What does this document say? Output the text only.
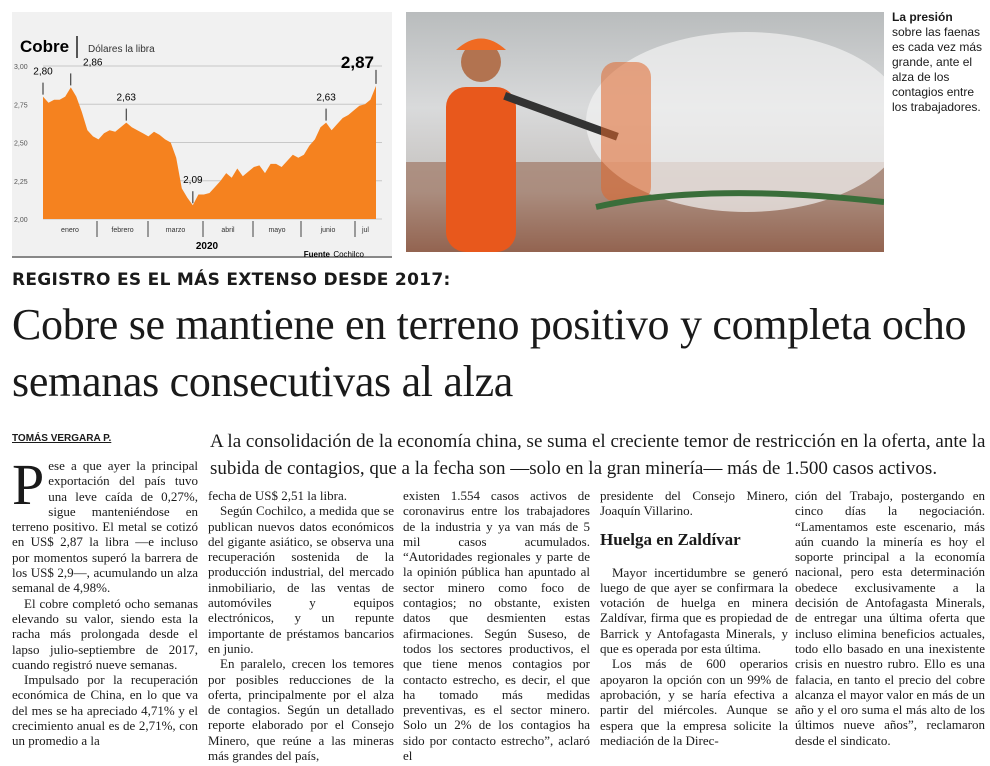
Cobre Dólares la libra
2,00
2,25
2,50
2,75
3,00 2,80
2,86
2,63
2,09
2,63
2,87
enero	febrero	marzo	abril	mayo	junio	jul
2020
Fuente Cochilco
La presión
sobre las faenas es cada vez más grande, ante el alza de los contagios entre los trabajadores.
REGISTRO ES EL MÁS EXTENSO DESDE 2017:
Cobre se mantiene en terreno positivo y completa ocho semanas consecutivas al alza
TOMÁS VERGARA P.	A la consolidación de la economía china, se suma el creciente temor de restricción en la oferta, ante la subida de contagios, que a la fecha son —solo en la gran minería— más de 1.500 casos activos.

Pese a que ayer la principal exportación del país tuvo una leve caída de 0,27%, sigue manteniéndose en terreno positivo. El metal se cotizó en US$ 2,87 la libra —e incluso por momentos superó la barrera de los US$ 2,9—, acumulando un alza semanal de 4,98%.

El cobre completó ocho semanas elevando su valor, siendo esta la racha más prolongada desde el lapso julio-septiembre de 2017, cuando registró nueve semanas.

Impulsado por la recuperación económica de China, en lo que va del mes se ha apreciado 4,71% y el crecimiento anual es de 2,71%, con un promedio a la

fecha de US$ 2,51 la libra.

Según Cochilco, a medida que se publican nuevos datos económicos del gigante asiático, se observa una recuperación sostenida de la producción industrial, del mercado inmobiliario, de las ventas de automóviles y equipos electrónicos, y un repunte importante de préstamos bancarios en junio.

En paralelo, crecen los temores por posibles reducciones de la oferta, principalmente por el alza de contagios. Según un detallado reporte elaborado por el Consejo Minero, que reúne a las mineras más grandes del país,

existen 1.554 casos activos de coronavirus entre los trabajadores de la industria y ya van más de 5 mil casos acumulados. “Autoridades regionales y parte de la opinión pública han apuntado al sector minero como foco de contagios; no obstante, existen datos que desmienten estas afirmaciones. Según Suseso, de todos los sectores productivos, el que tiene menos contagios por contacto estrecho, es decir, el que ha tomado más medidas preventivas, es el sector minero. Solo un 2% de los contagios ha sido por contacto estrecho”, aclaró el

presidente del Consejo Minero, Joaquín Villarino.

Huelga en Zaldívar

Mayor incertidumbre se generó luego de que ayer se confirmara la votación de huelga en minera Zaldívar, firma que es propiedad de Barrick y Antofagasta Minerals, y que es operada por esta última.

Los más de 600 operarios apoyaron la opción con un 99% de aprobación, y se haría efectiva a partir del miércoles. Aunque se espera que la empresa solicite la mediación de la Direc-

ción del Trabajo, postergando en cinco días la negociación. “Lamentamos este escenario, más aún cuando la minería es hoy el soporte principal a la economía nacional, pero esta determinación obedece exclusivamente a la decisión de Antofagasta Minerals, de entregar una última oferta que incluso elimina beneficios actuales, todo ello basado en una inexistente crisis en nuestro rubro. Ello es una falacia, en tanto el precio del cobre alcanza el mayor valor en más de un año y el oro suma el más alto de los últimos nueve años”, reclamaron desde el sindicato.
